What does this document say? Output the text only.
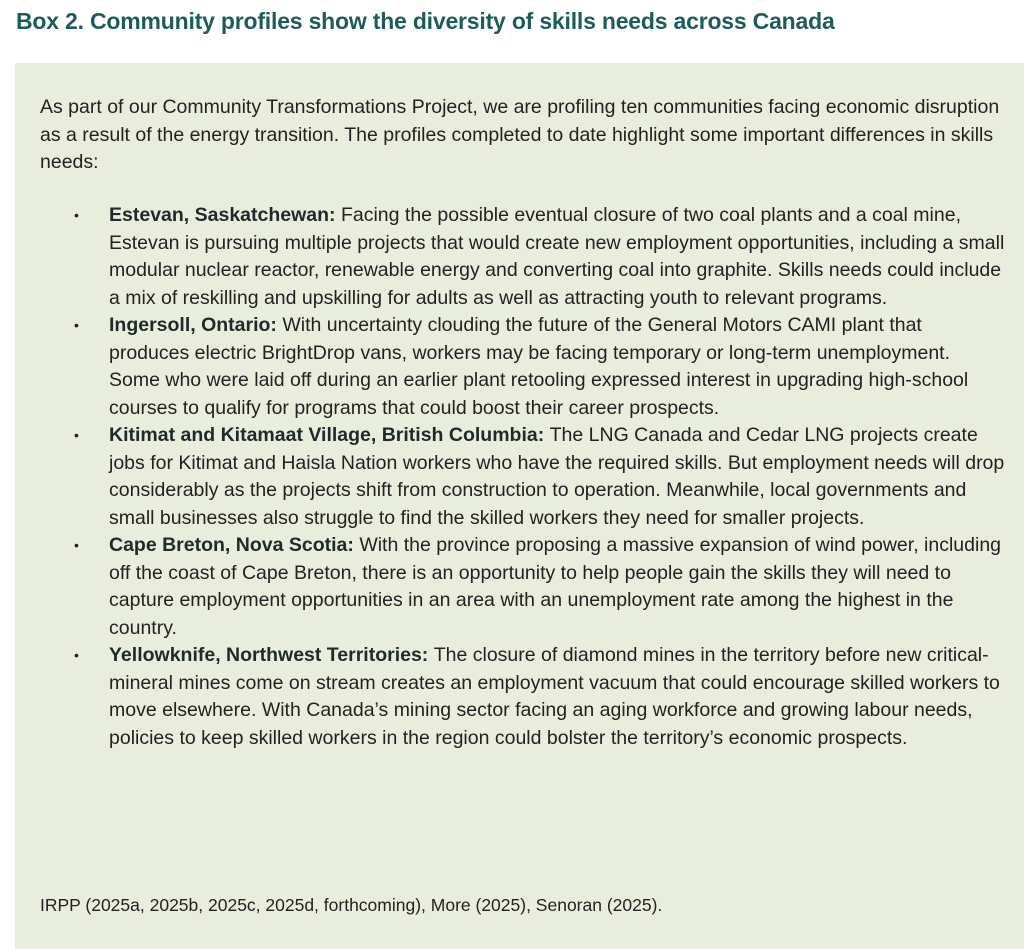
Box 2. Community profiles show the diversity of skills needs across Canada

As part of our Community Transformations Project, we are profiling ten communities facing economic disruption as a result of the energy transition. The profiles completed to date highlight some important differences in skills needs:

• Estevan, Saskatchewan: Facing the possible eventual closure of two coal plants and a coal mine, Estevan is pursuing multiple projects that would create new employment opportunities, including a small modular nuclear reactor, renewable energy and converting coal into graphite. Skills needs could include a mix of reskilling and upskilling for adults as well as attracting youth to relevant programs.
• Ingersoll, Ontario: With uncertainty clouding the future of the General Motors CAMI plant that produces electric BrightDrop vans, workers may be facing temporary or long-term unemployment. Some who were laid off during an earlier plant retooling expressed interest in upgrading high-school courses to qualify for programs that could boost their career prospects.
• Kitimat and Kitamaat Village, British Columbia: The LNG Canada and Cedar LNG projects create jobs for Kitimat and Haisla Nation workers who have the required skills. But employment needs will drop considerably as the projects shift from construction to operation. Meanwhile, local governments and small businesses also struggle to find the skilled workers they need for smaller projects.
• Cape Breton, Nova Scotia: With the province proposing a massive expansion of wind power, including off the coast of Cape Breton, there is an opportunity to help people gain the skills they will need to capture employment opportunities in an area with an unemployment rate among the highest in the country.
• Yellowknife, Northwest Territories: The closure of diamond mines in the territory before new critical-mineral mines come on stream creates an employment vacuum that could encourage skilled workers to move elsewhere. With Canada’s mining sector facing an aging workforce and growing labour needs, policies to keep skilled workers in the region could bolster the territory’s economic prospects.

IRPP (2025a, 2025b, 2025c, 2025d, forthcoming), More (2025), Senoran (2025).
